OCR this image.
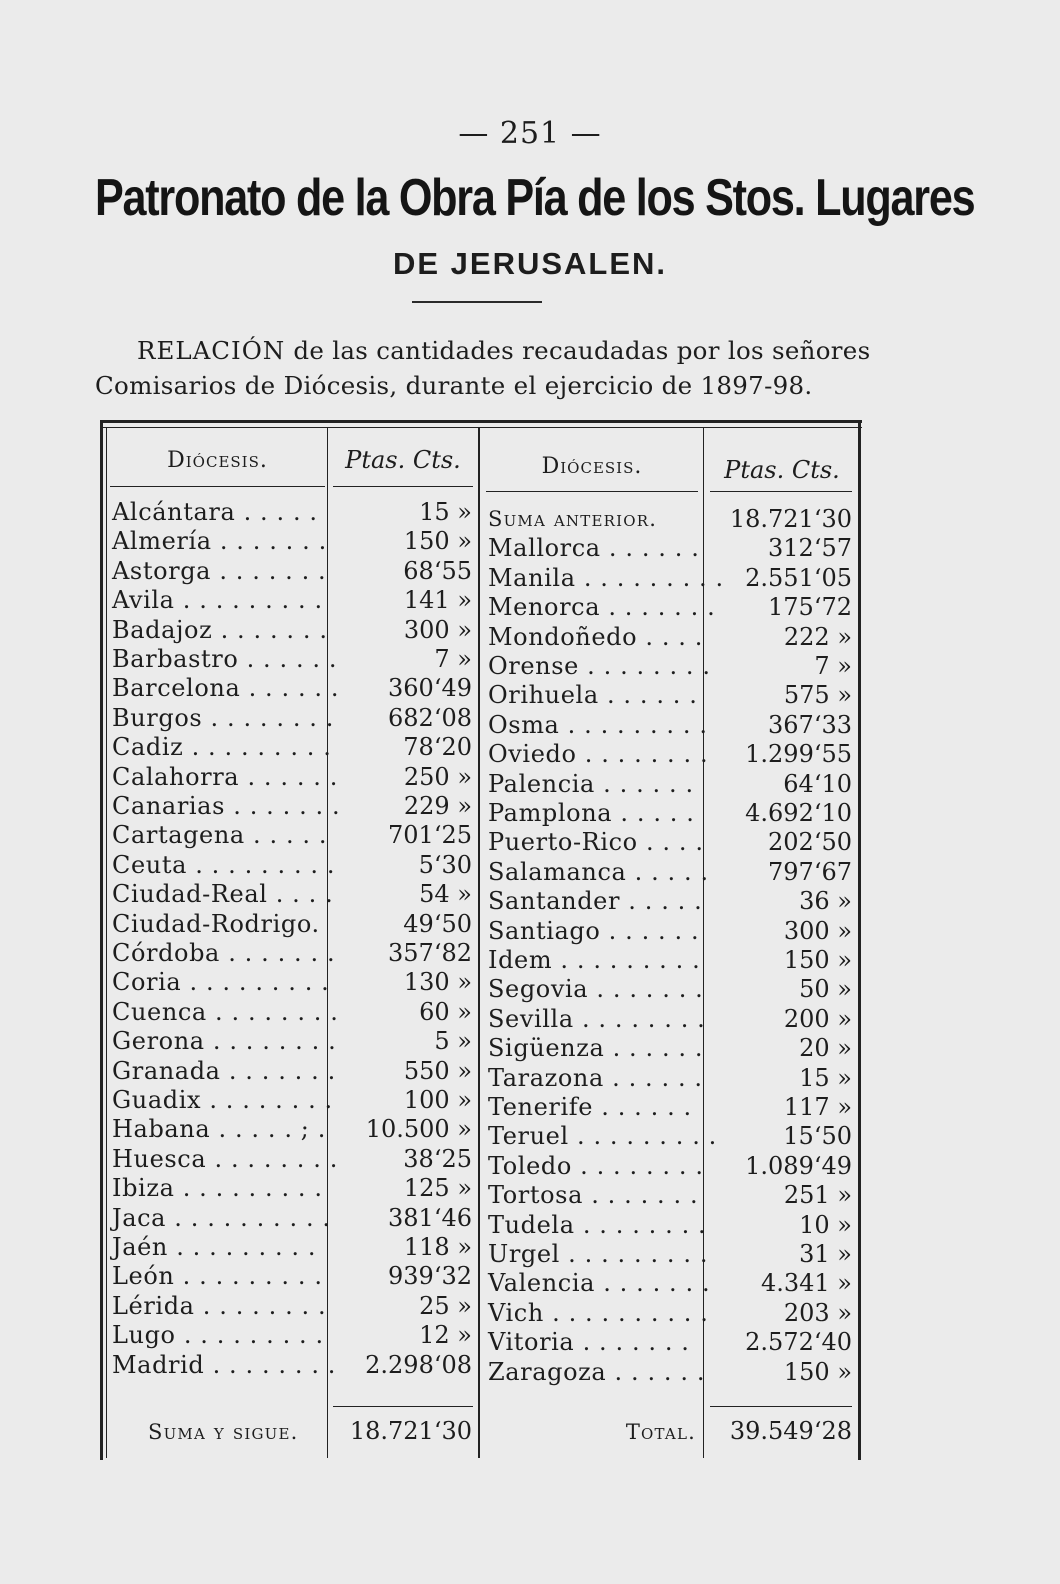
— 251 —
Patronato de la Obra Pía de los Stos. Lugares
DE JERUSALEN.
RELACIÓN de las cantidades recaudadas por los señores
Comisarios de Diócesis, durante el ejercicio de 1897-98.
Diócesis.	Ptas. Cts.	Diócesis.	Ptas. Cts.
Alcántara . . . . .	15 »
Almería . . . . . . .	150 »
Astorga . . . . . . .	68‘55
Avila . . . . . . . . .	141 »
Badajoz . . . . . . .	300 »
Barbastro . . . . . .	7 »
Barcelona . . . . . .	360‘49
Burgos . . . . . . . .	682‘08
Cadiz . . . . . . . . .	78‘20
Calahorra . . . . . .	250 »
Canarias . . . . . . .	229 »
Cartagena . . . . .	701‘25
Ceuta . . . . . . . . .	5‘30
Ciudad-Real . . . .	54 »
Ciudad-Rodrigo.	49‘50
Córdoba . . . . . . .	357‘82
Coria . . . . . . . . .	130 »
Cuenca . . . . . . . .	60 »
Gerona . . . . . . . .	5 »
Granada . . . . . . .	550 »
Guadix . . . . . . . .	100 »
Habana . . . . . ; .	10.500 »
Huesca . . . . . . . .	38‘25
Ibiza . . . . . . . . .	125 »
Jaca . . . . . . . . . .	381‘46
Jaén . . . . . . . . .	118 »
León . . . . . . . . .	939‘32
Lérida . . . . . . . .	25 »
Lugo . . . . . . . . .	12 »
Madrid . . . . . . . .	2.298‘08
Suma anterior.	18.721‘30
Mallorca . . . . . .	312‘57
Manila . . . . . . . . . 2.551‘05
Menorca . . . . . . .	175‘72
Mondoñedo . . . .	222 »
Orense . . . . . . . .	7 »
Orihuela . . . . . .	575 »
Osma . . . . . . . . .	367‘33
Oviedo . . . . . . . .	1.299‘55
Palencia . . . . . .	64‘10
Pamplona . . . . .	4.692‘10
Puerto-Rico . . . .	202‘50
Salamanca . . . . .	797‘67
Santander . . . . .	36 »
Santiago . . . . . .	300 »
Idem . . . . . . . . .	150 »
Segovia . . . . . . .	50 »
Sevilla . . . . . . . .	200 »
Sigüenza . . . . . .	20 »
Tarazona . . . . . .	15 »
Tenerife . . . . . .	117 »
Teruel . . . . . . . . .	15‘50
Toledo . . . . . . . .	1.089‘49
Tortosa . . . . . . .	251 »
Tudela . . . . . . . .	10 »
Urgel . . . . . . . . .	31 »
Valencia . . . . . . .	4.341 »
Vich . . . . . . . . . .	203 »
Vitoria . . . . . . .	2.572‘40
Zaragoza . . . . . .	150 »
Suma y sigue.	18.721‘30	Total.	39.549‘28
